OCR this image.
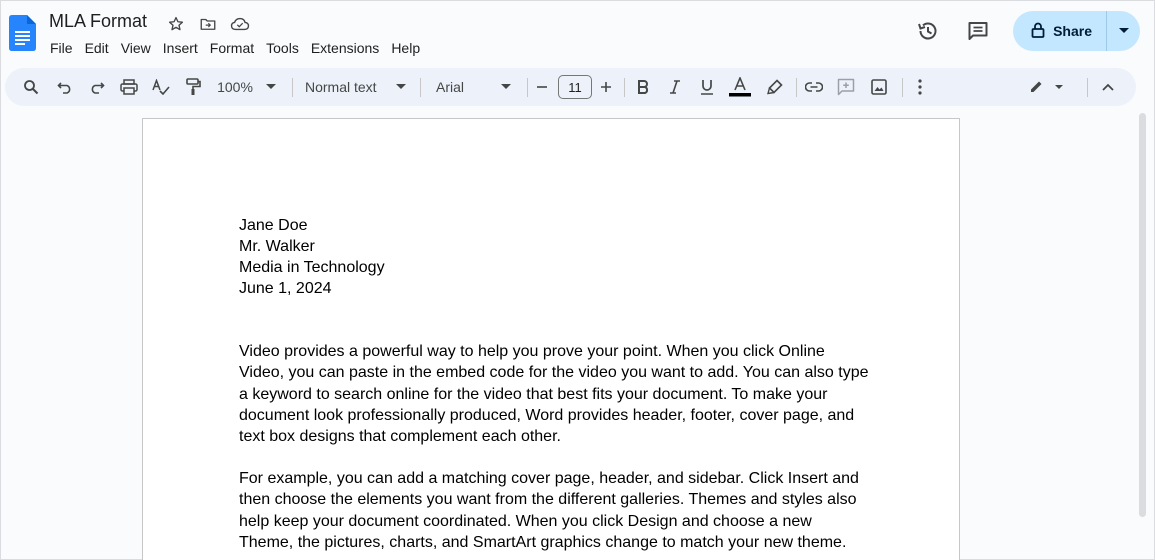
MLA Format
File Edit View Insert Format Tools Extensions Help
Share
100%	Normal text	Arial	11
Jane Doe
Mr. Walker
Media in Technology
June 1, 2024
Video provides a powerful way to help you prove your point. When you click Online Video, you can paste in the embed code for the video you want to add. You can also type a keyword to search online for the video that best fits your document. To make your document look professionally produced, Word provides header, footer, cover page, and text box designs that complement each other.
For example, you can add a matching cover page, header, and sidebar. Click Insert and then choose the elements you want from the different galleries. Themes and styles also help keep your document coordinated. When you click Design and choose a new Theme, the pictures, charts, and SmartArt graphics change to match your new theme.
